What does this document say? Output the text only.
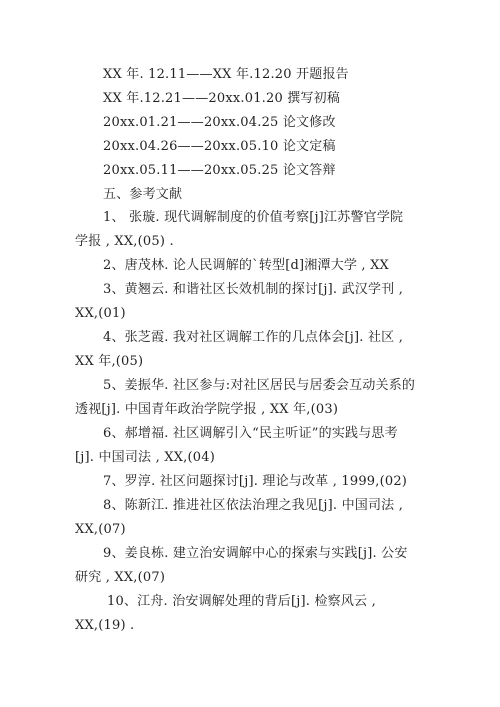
XX 年. 12.11——XX 年.12.20 开题报告
XX 年.12.21——20xx.01.20 撰写初稿
20xx.01.21——20xx.04.25 论文修改
20xx.04.26——20xx.05.10 论文定稿
20xx.05.11——20xx.05.25 论文答辩
五、参考文献
1、 张璇. 现代调解制度的价值考察[j]江苏警官学院
学报 , XX,(05) .
2、唐茂林. 论人民调解的`转型[d]湘潭大学 , XX
3、黄翘云. 和谐社区长效机制的探讨[j]. 武汉学刊 ,
XX,(01)
4、张芝霞. 我对社区调解工作的几点体会[j]. 社区 ,
XX 年,(05)
5、姜振华. 社区参与:对社区居民与居委会互动关系的
透视[j]. 中国青年政治学院学报 , XX 年,(03)
6、郝增福. 社区调解引入“民主听证”的实践与思考
[j]. 中国司法 , XX,(04)
7、罗淳. 社区问题探讨[j]. 理论与改革 , 1999,(02)
8、陈新江. 推进社区依法治理之我见[j]. 中国司法 ,
XX,(07)
9、姜良栋. 建立治安调解中心的探索与实践[j]. 公安
研究 , XX,(07)
10、江舟. 治安调解处理的背后[j]. 检察风云 ,
XX,(19) .
